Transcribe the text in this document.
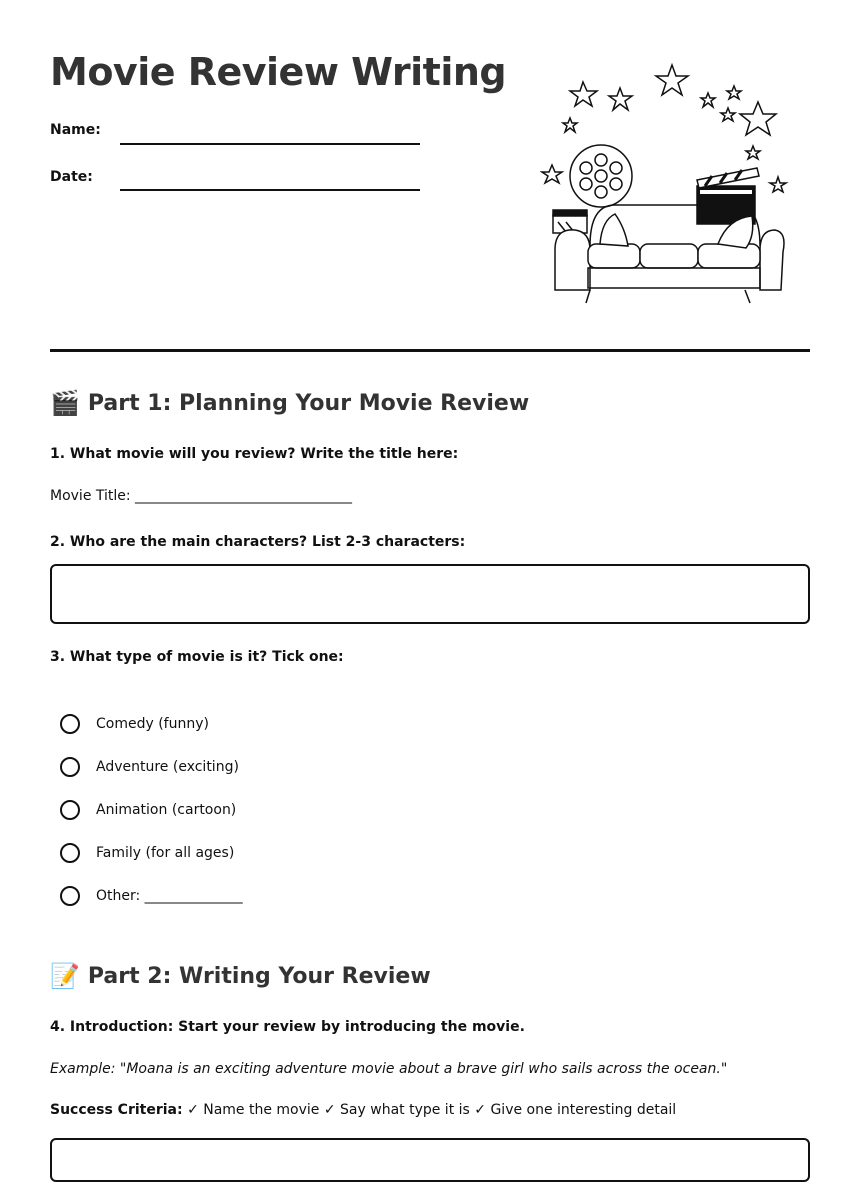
Movie Review Writing
Name:
Date:
🎬 Part 1: Planning Your Movie Review
1. What movie will you review? Write the title here:
Movie Title: _______________________________
2. Who are the main characters? List 2-3 characters:
3. What type of movie is it? Tick one:
Comedy (funny)
Adventure (exciting)
Animation (cartoon)
Family (for all ages)
Other: ______________
📝 Part 2: Writing Your Review
4. Introduction: Start your review by introducing the movie.
Example: "Moana is an exciting adventure movie about a brave girl who sails across the ocean."
Success Criteria: ✓ Name the movie ✓ Say what type it is ✓ Give one interesting detail
